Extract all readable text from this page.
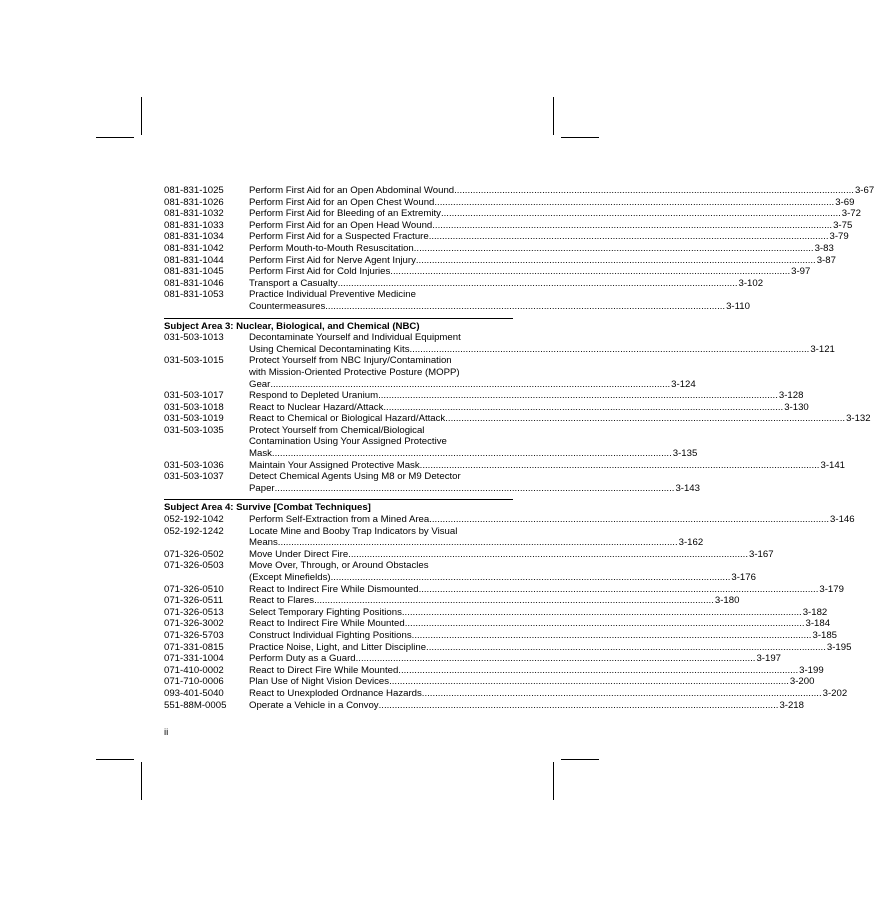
081-831-1025	Perform First Aid for an Open Abdominal Wound .....	3-67
081-831-1026	Perform First Aid for an Open Chest Wound .....	3-69
081-831-1032	Perform First Aid for Bleeding of an Extremity .....	3-72
081-831-1033	Perform First Aid for an Open Head Wound .....	3-75
081-831-1034	Perform First Aid for a Suspected Fracture .....	3-79
081-831-1042	Perform Mouth-to-Mouth Resuscitation .....	3-83
081-831-1044	Perform First Aid for Nerve Agent Injury .....	3-87
081-831-1045	Perform First Aid for Cold Injuries .....	3-97
081-831-1046	Transport a Casualty .....	3-102
081-831-1053	Practice Individual Preventive Medicine
Countermeasures .....	3-110
Subject Area 3: Nuclear, Biological, and Chemical (NBC)
031-503-1013	Decontaminate Yourself and Individual Equipment
Using Chemical Decontaminating Kits .....	3-121
031-503-1015	Protect Yourself from NBC Injury/Contamination
with Mission-Oriented Protective Posture (MOPP)
Gear .....	3-124
031-503-1017	Respond to Depleted Uranium .....	3-128
031-503-1018	React to Nuclear Hazard/Attack .....	3-130
031-503-1019	React to Chemical or Biological Hazard/Attack .....	3-132
031-503-1035	Protect Yourself from Chemical/Biological
Contamination Using Your Assigned Protective
Mask .....	3-135
031-503-1036	Maintain Your Assigned Protective Mask .....	3-141
031-503-1037	Detect Chemical Agents Using M8 or M9 Detector
Paper .....	3-143
Subject Area 4: Survive [Combat Techniques]
052-192-1042	Perform Self-Extraction from a Mined Area .....	3-146
052-192-1242	Locate Mine and Booby Trap Indicators by Visual
Means .....	3-162
071-326-0502	Move Under Direct Fire .....	3-167
071-326-0503	Move Over, Through, or Around Obstacles
(Except Minefields) .....	3-176
071-326-0510	React to Indirect Fire While Dismounted .....	3-179
071-326-0511	React to Flares .....	3-180
071-326-0513	Select Temporary Fighting Positions .....	3-182
071-326-3002	React to Indirect Fire While Mounted .....	3-184
071-326-5703	Construct Individual Fighting Positions .....	3-185
071-331-0815	Practice Noise, Light, and Litter Discipline .....	3-195
071-331-1004	Perform Duty as a Guard .....	3-197
071-410-0002	React to Direct Fire While Mounted .....	3-199
071-710-0006	Plan Use of Night Vision Devices .....	3-200
093-401-5040	React to Unexploded Ordnance Hazards .....	3-202
551-88M-0005	Operate a Vehicle in a Convoy .....	3-218
ii
